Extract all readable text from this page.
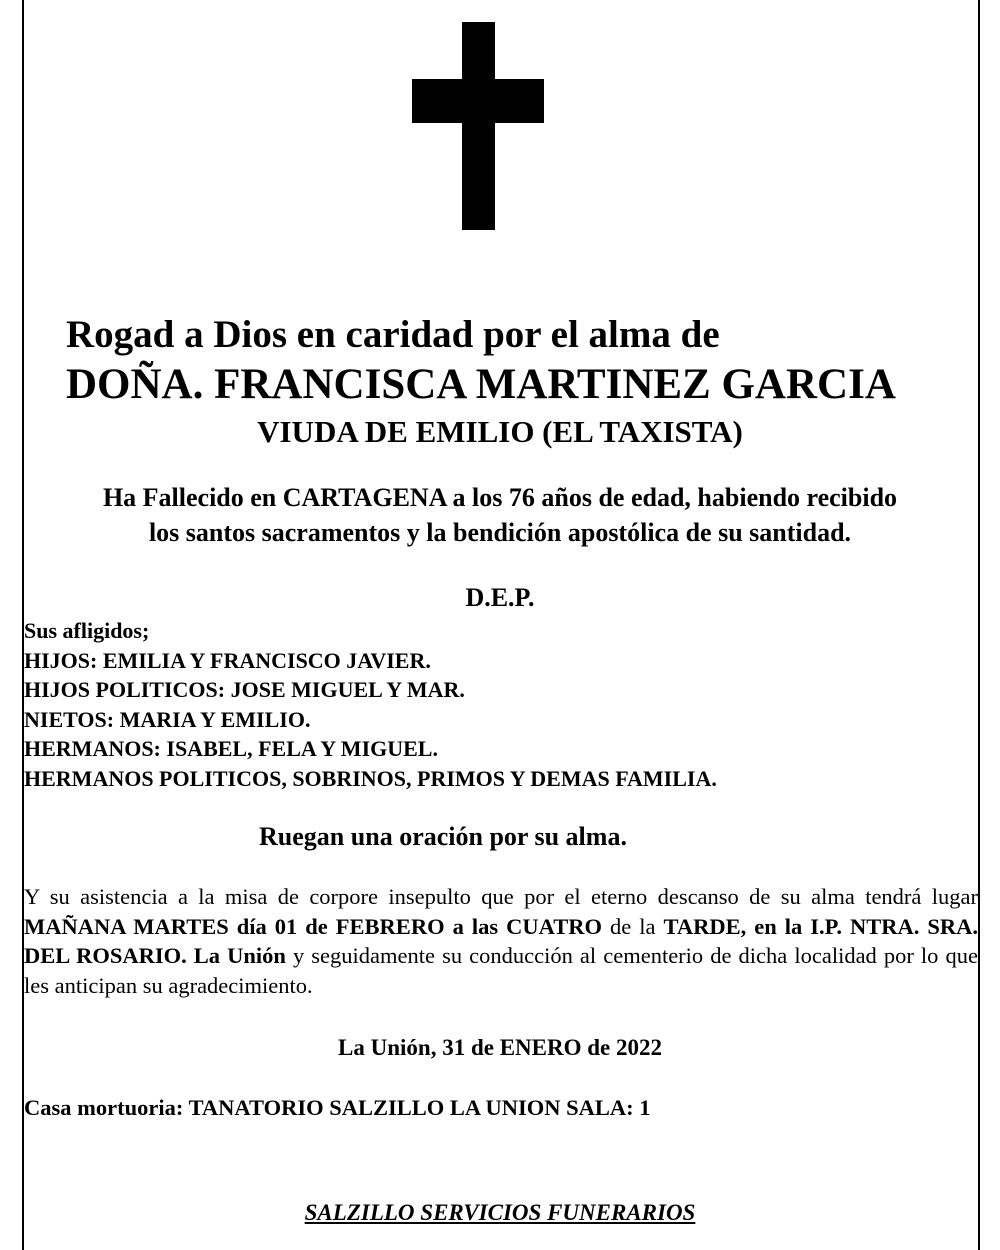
Rogad a Dios en caridad por el alma de
DOÑA. FRANCISCA MARTINEZ GARCIA
VIUDA DE EMILIO (EL TAXISTA)
Ha Fallecido en CARTAGENA a los 76 años de edad, habiendo recibido
los santos sacramentos y la bendición apostólica de su santidad.
D.E.P.
Sus afligidos;
HIJOS: EMILIA Y FRANCISCO JAVIER.
HIJOS POLITICOS: JOSE MIGUEL Y MAR.
NIETOS: MARIA Y EMILIO.
HERMANOS: ISABEL, FELA Y MIGUEL.
HERMANOS POLITICOS, SOBRINOS, PRIMOS Y DEMAS FAMILIA.
Ruegan una oración por su alma.
Y su asistencia a la misa de corpore insepulto que por el eterno descanso de su alma tendrá lugar MAÑANA MARTES día 01 de FEBRERO a las CUATRO de la TARDE, en la I.P. NTRA. SRA. DEL ROSARIO. La Unión y seguidamente su conducción al cementerio de dicha localidad por lo que les anticipan su agradecimiento.
La Unión, 31 de ENERO de 2022
Casa mortuoria: TANATORIO SALZILLO LA UNION SALA: 1
SALZILLO SERVICIOS FUNERARIOS
